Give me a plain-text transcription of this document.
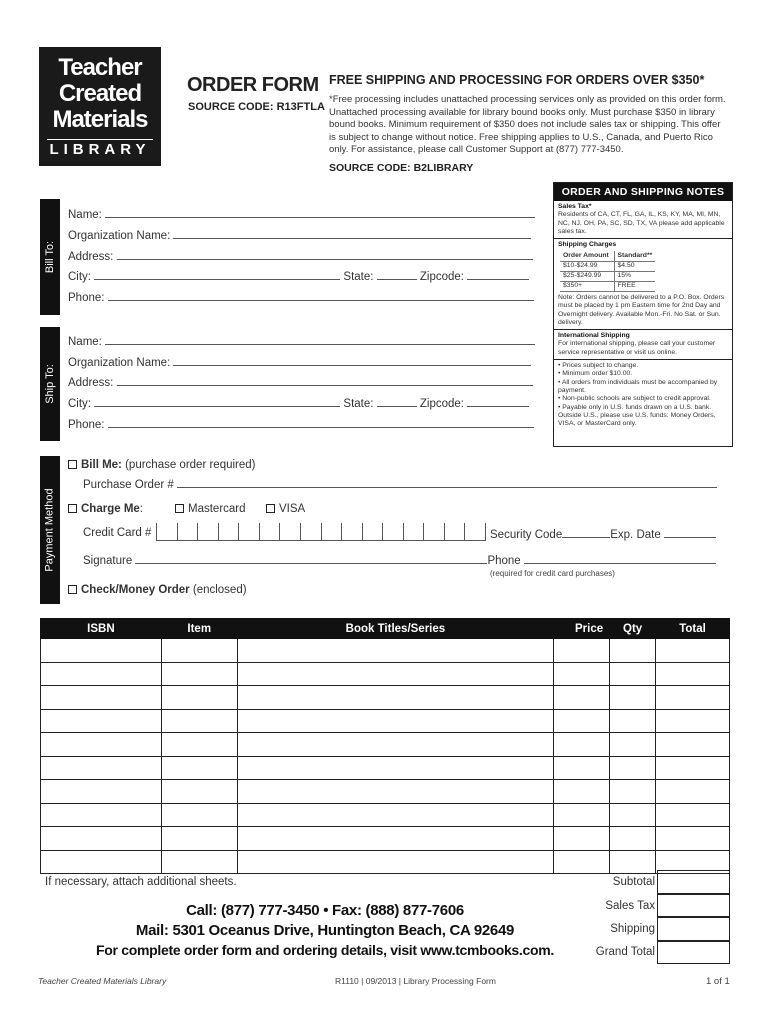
Teacher
Created
Materials
LIBRARY
ORDER FORM
SOURCE CODE: R13FTLA
FREE SHIPPING AND PROCESSING FOR ORDERS OVER $350*
*Free processing includes unattached processing services only as provided on this order form. Unattached processing available for library bound books only. Must purchase $350 in library bound books. Minimum requirement of $350 does not include sales tax or shipping. This offer is subject to change without notice. Free shipping applies to U.S., Canada, and Puerto Rico only. For assistance, please call Customer Support at (877) 777-3450.
SOURCE CODE: B2LIBRARY
Bill To:
Name:
Organization Name:
Address:
City:	State:	Zipcode:
Phone:
Ship To:
Name:
Organization Name:
Address:
City:	State:	Zipcode:
Phone:
ORDER AND SHIPPING NOTES
Sales Tax*
Residents of CA, CT, FL, GA, IL, KS, KY, MA, MI, MN, NC, NJ, OH, PA, SC, SD, TX, VA please add applicable sales tax.
Shipping Charges
Order Amount	Standard**
$10-$24.99	$4.50
$25-$249.99	15%
$350+	FREE
Note: Orders cannot be delivered to a P.O. Box. Orders must be placed by 1 pm Eastern time for 2nd Day and Overnight delivery. Available Mon.-Fri. No Sat. or Sun. delivery.
International Shipping
For international shipping, please call your customer service representative or visit us online.
• Prices subject to change.
• Minimum order $10.00.
• All orders from individuals must be accompanied by payment.
• Non-public schools are subject to credit approval.
• Payable only in U.S. funds drawn on a U.S. bank. Outside U.S., please use U.S. funds: Money Orders, VISA, or MasterCard only.
Payment Method
Bill Me: (purchase order required)
Purchase Order #
Charge Me:	Mastercard	VISA
Credit Card #	Security Code	Exp. Date
Signature	Phone
(required for credit card purchases)
Check/Money Order (enclosed)
ISBN	Item	Book Titles/Series	Price	Qty	Total

If necessary, attach additional sheets.	Subtotal
Sales Tax
Shipping
Grand Total
Call: (877) 777-3450 • Fax: (888) 877-7606
Mail: 5301 Oceanus Drive, Huntington Beach, CA 92649
For complete order form and ordering details, visit www.tcmbooks.com.
Teacher Created Materials Library	R1110 | 09/2013 | Library Processing Form	1 of 1
